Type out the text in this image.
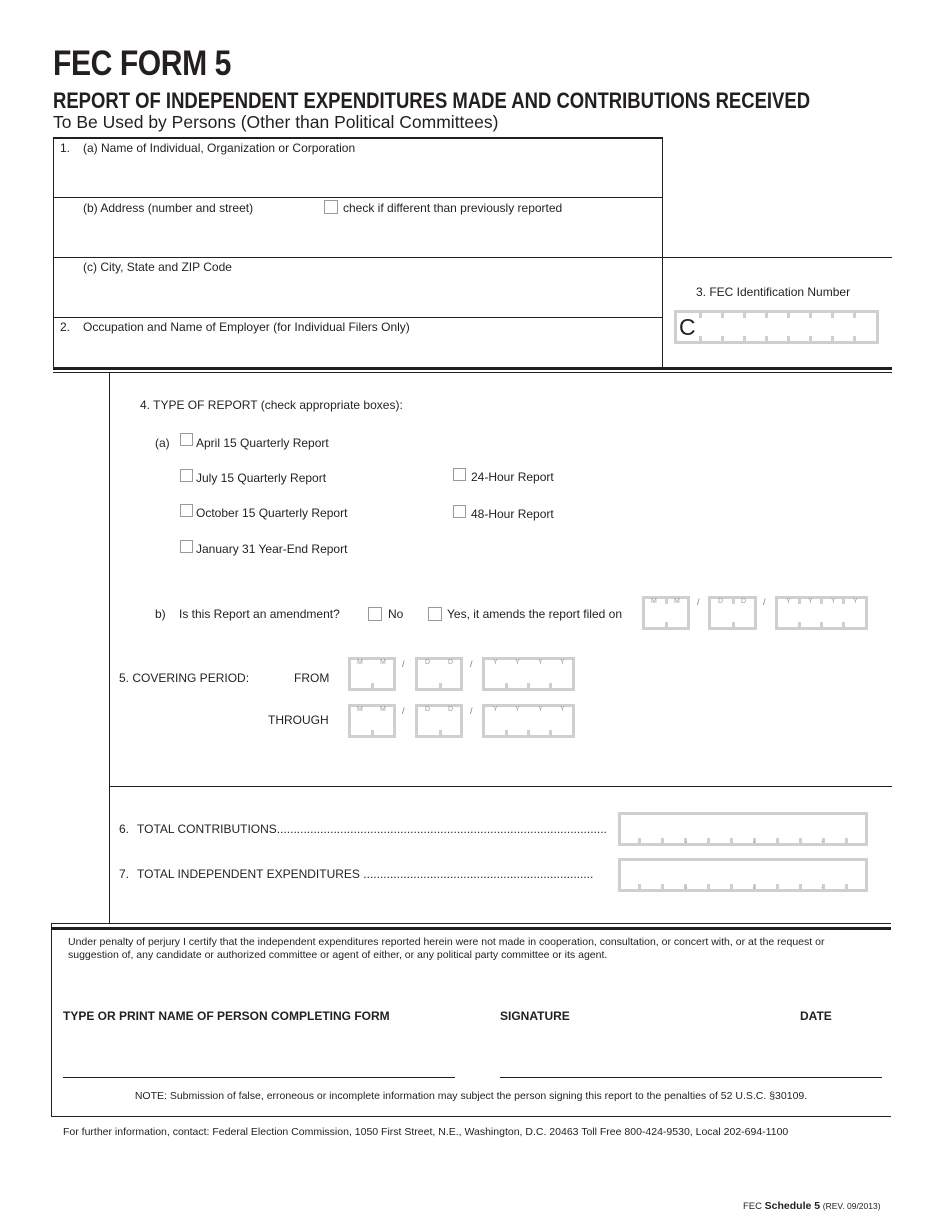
FEC FORM 5
REPORT OF INDEPENDENT EXPENDITURES MADE AND CONTRIBUTIONS RECEIVED
To Be Used by Persons (Other than Political Committees)
1. (a) Name of Individual, Organization or Corporation
(b) Address (number and street)	check if different than previously reported
(c) City, State and ZIP Code
2. Occupation and Name of Employer (for Individual Filers Only)
3. FEC Identification Number
C
4. TYPE OF REPORT (check appropriate boxes):
(a) April 15 Quarterly Report
July 15 Quarterly Report
October 15 Quarterly Report
January 31 Year-End Report
24-Hour Report
48-Hour Report
b) Is this Report an amendment?	No	Yes, it amends the report filed on
M M /	D	D /	Y Y	Y Y
5. COVERING PERIOD:	FROM
THROUGH
M M /	D	D /	Y Y	Y Y
M M /	D	D /	Y Y	Y Y
6. TOTAL CONTRIBUTIONS...................................................................................................
,	,	.
7. TOTAL INDEPENDENT EXPENDITURES .....................................................................
,	,	.
Under penalty of perjury I certify that the independent expenditures reported herein were not made in cooperation, consultation, or concert with, or at the request or suggestion of, any candidate or authorized committee or agent of either, or any political party committee or its agent.
TYPE OR PRINT NAME OF PERSON COMPLETING FORM	SIGNATURE	DATE
NOTE: Submission of false, erroneous or incomplete information may subject the person signing this report to the penalties of 52 U.S.C. §30109.
For further information, contact: Federal Election Commission, 1050 First Street, N.E., Washington, D.C. 20463 Toll Free 800-424-9530, Local 202-694-1100
FEC Schedule 5 (REV. 09/2013)
